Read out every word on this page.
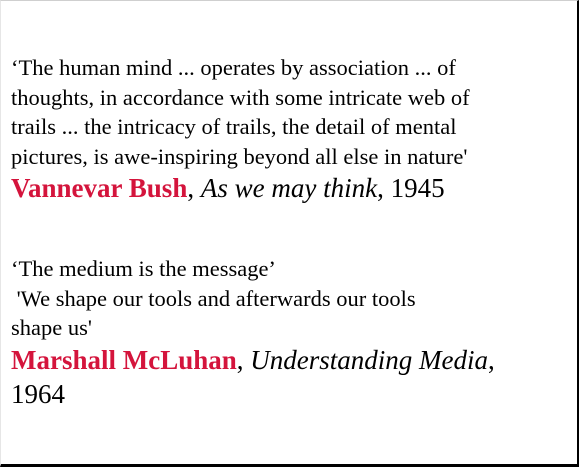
‘The human mind ... operates by association ... of
thoughts, in accordance with some intricate web of
trails ... the intricacy of trails, the detail of mental
pictures, is awe-inspiring beyond all else in nature'
Vannevar Bush, As we may think, 1945
‘The medium is the message’
'We shape our tools and afterwards our tools
shape us'
Marshall McLuhan, Understanding Media,
1964
